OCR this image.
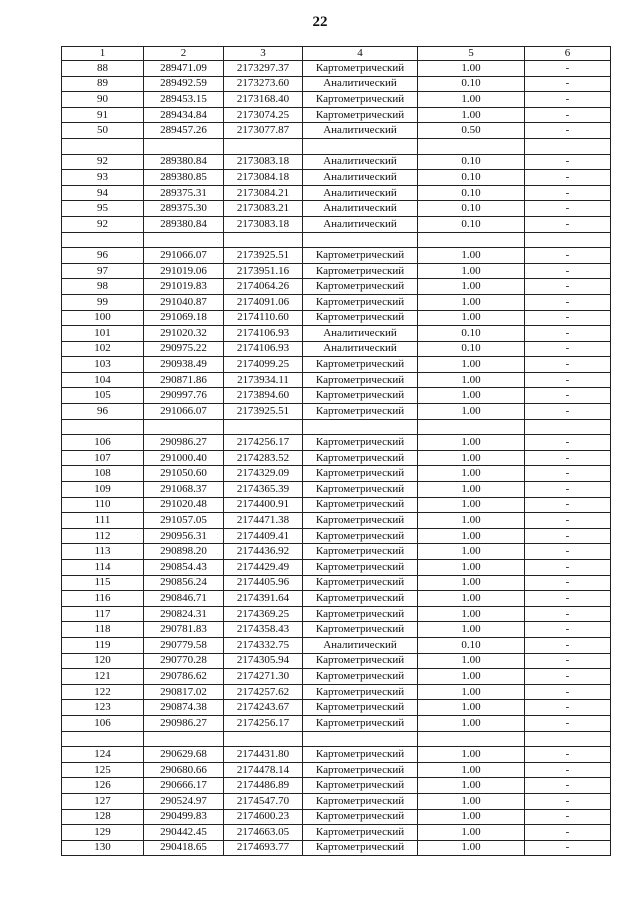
22
1	2	3	4	5	6
88	289471.09	2173297.37	Картометрический	1.00	-
89	289492.59	2173273.60	Аналитический	0.10	-
90	289453.15	2173168.40	Картометрический	1.00	-
91	289434.84	2173074.25	Картометрический	1.00	-
50	289457.26	2173077.87	Аналитический	0.50	-

92	289380.84	2173083.18	Аналитический	0.10	-
93	289380.85	2173084.18	Аналитический	0.10	-
94	289375.31	2173084.21	Аналитический	0.10	-
95	289375.30	2173083.21	Аналитический	0.10	-
92	289380.84	2173083.18	Аналитический	0.10	-

96	291066.07	2173925.51	Картометрический	1.00	-
97	291019.06	2173951.16	Картометрический	1.00	-
98	291019.83	2174064.26	Картометрический	1.00	-
99	291040.87	2174091.06	Картометрический	1.00	-
100	291069.18	2174110.60	Картометрический	1.00	-
101	291020.32	2174106.93	Аналитический	0.10	-
102	290975.22	2174106.93	Аналитический	0.10	-
103	290938.49	2174099.25	Картометрический	1.00	-
104	290871.86	2173934.11	Картометрический	1.00	-
105	290997.76	2173894.60	Картометрический	1.00	-
96	291066.07	2173925.51	Картометрический	1.00	-

106	290986.27	2174256.17	Картометрический	1.00	-
107	291000.40	2174283.52	Картометрический	1.00	-
108	291050.60	2174329.09	Картометрический	1.00	-
109	291068.37	2174365.39	Картометрический	1.00	-
110	291020.48	2174400.91	Картометрический	1.00	-
111	291057.05	2174471.38	Картометрический	1.00	-
112	290956.31	2174409.41	Картометрический	1.00	-
113	290898.20	2174436.92	Картометрический	1.00	-
114	290854.43	2174429.49	Картометрический	1.00	-
115	290856.24	2174405.96	Картометрический	1.00	-
116	290846.71	2174391.64	Картометрический	1.00	-
117	290824.31	2174369.25	Картометрический	1.00	-
118	290781.83	2174358.43	Картометрический	1.00	-
119	290779.58	2174332.75	Аналитический	0.10	-
120	290770.28	2174305.94	Картометрический	1.00	-
121	290786.62	2174271.30	Картометрический	1.00	-
122	290817.02	2174257.62	Картометрический	1.00	-
123	290874.38	2174243.67	Картометрический	1.00	-
106	290986.27	2174256.17	Картометрический	1.00	-

124	290629.68	2174431.80	Картометрический	1.00	-
125	290680.66	2174478.14	Картометрический	1.00	-
126	290666.17	2174486.89	Картометрический	1.00	-
127	290524.97	2174547.70	Картометрический	1.00	-
128	290499.83	2174600.23	Картометрический	1.00	-
129	290442.45	2174663.05	Картометрический	1.00	-
130	290418.65	2174693.77	Картометрический	1.00	-
